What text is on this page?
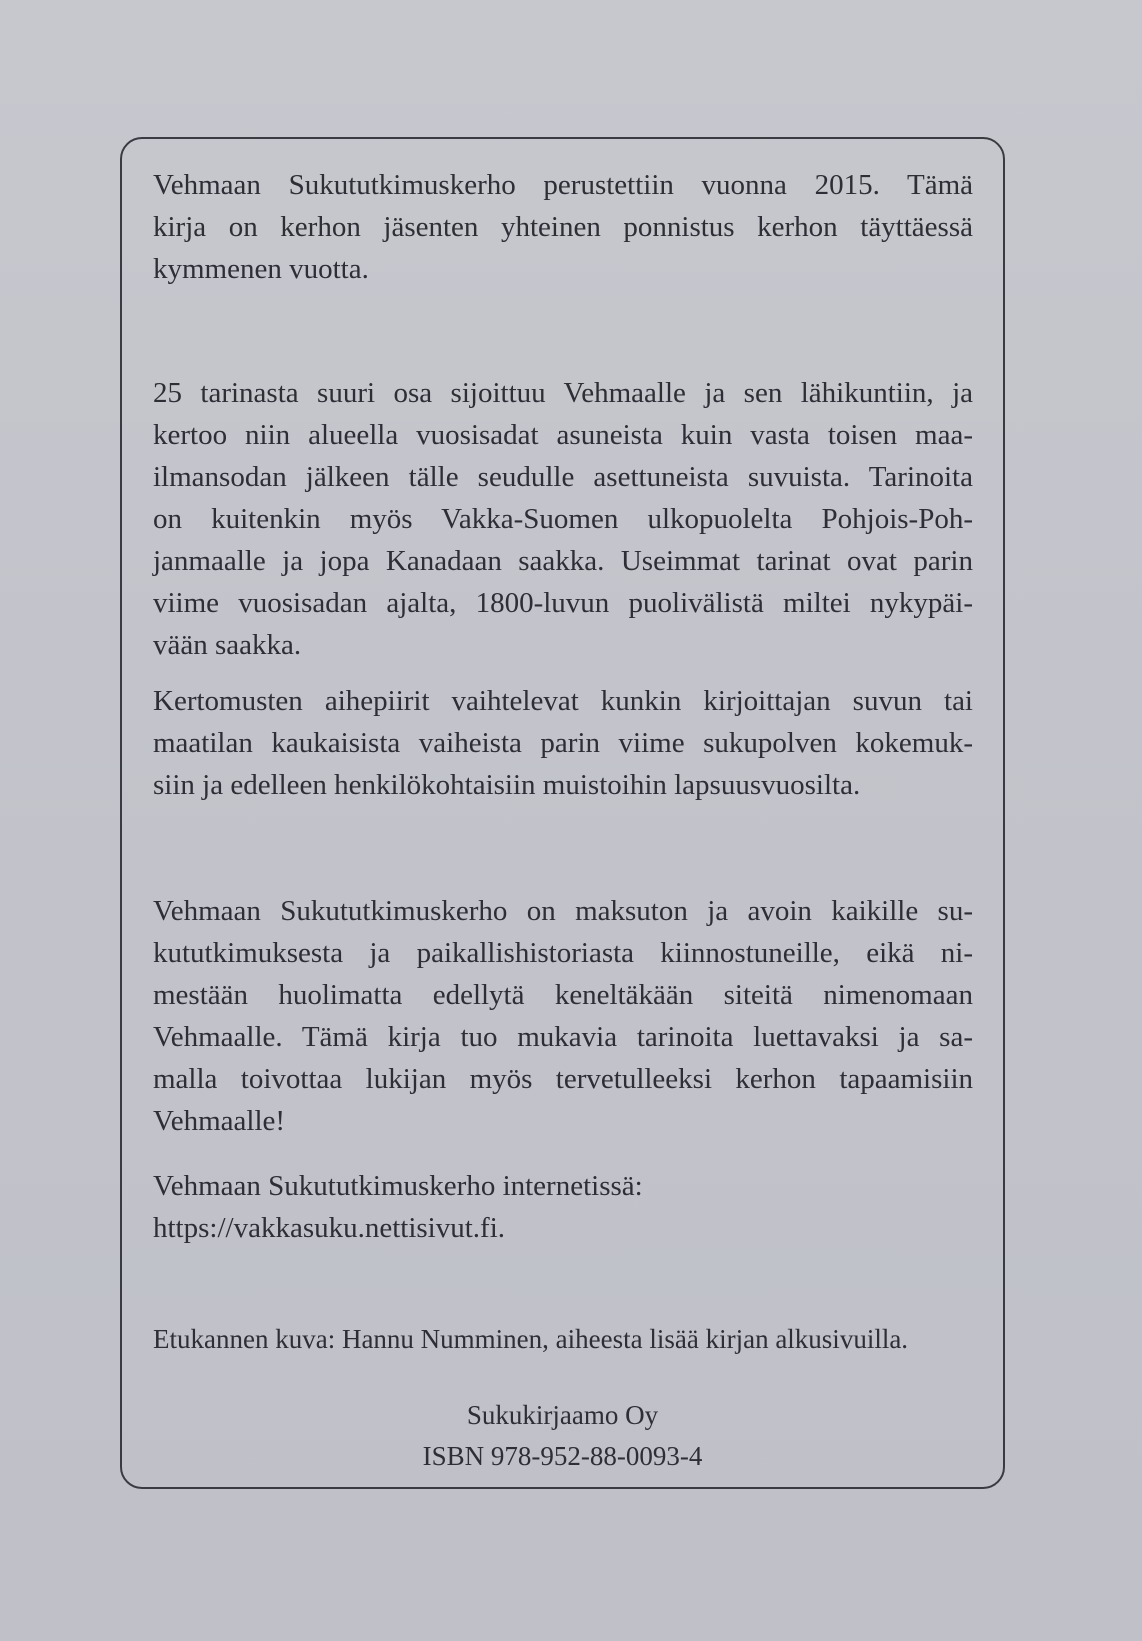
Vehmaan Sukututkimuskerho perustettiin vuonna 2015. Tämä
kirja on kerhon jäsenten yhteinen ponnistus kerhon täyttäessä
kymmenen vuotta.

25 tarinasta suuri osa sijoittuu Vehmaalle ja sen lähikuntiin, ja
kertoo niin alueella vuosisadat asuneista kuin vasta toisen maa-
ilmansodan jälkeen tälle seudulle asettuneista suvuista. Tarinoita
on kuitenkin myös Vakka-Suomen ulkopuolelta Pohjois-Poh-
janmaalle ja jopa Kanadaan saakka. Useimmat tarinat ovat parin
viime vuosisadan ajalta, 1800-luvun puolivälistä miltei nykypäi-
vään saakka.

Kertomusten aihepiirit vaihtelevat kunkin kirjoittajan suvun tai
maatilan kaukaisista vaiheista parin viime sukupolven kokemuk-
siin ja edelleen henkilökohtaisiin muistoihin lapsuusvuosilta.

Vehmaan Sukututkimuskerho on maksuton ja avoin kaikille su-
kututkimuksesta ja paikallishistoriasta kiinnostuneille, eikä ni-
mestään huolimatta edellytä keneltäkään siteitä nimenomaan
Vehmaalle. Tämä kirja tuo mukavia tarinoita luettavaksi ja sa-
malla toivottaa lukijan myös tervetulleeksi kerhon tapaamisiin
Vehmaalle!

Vehmaan Sukututkimuskerho internetissä:
https://vakkasuku.nettisivut.fi.

Etukannen kuva: Hannu Numminen, aiheesta lisää kirjan alkusivuilla.

Sukukirjaamo Oy

ISBN 978-952-88-0093-4
